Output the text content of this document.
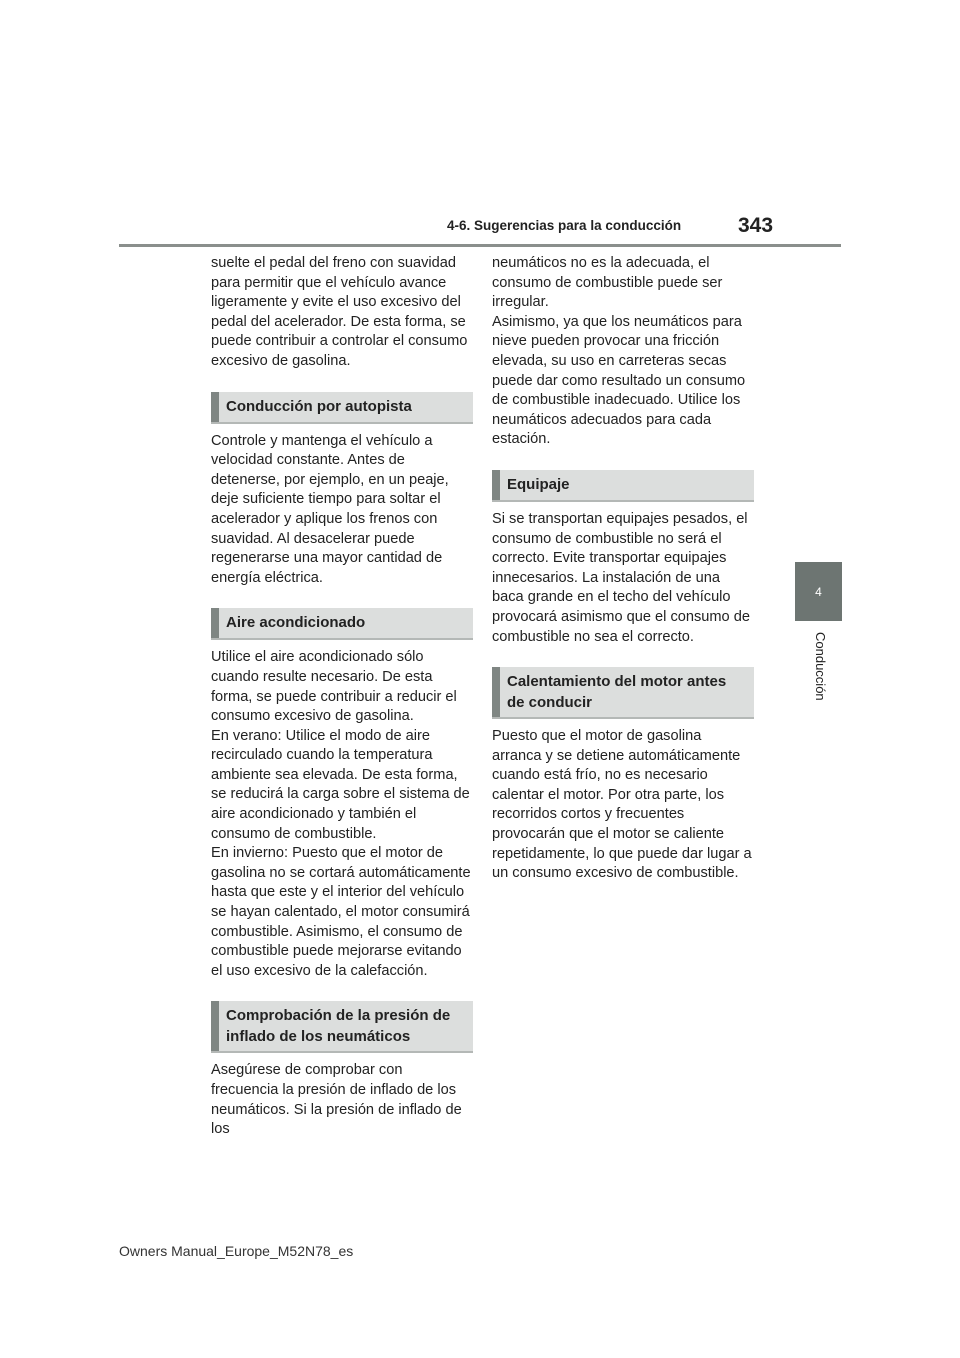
4-6. Sugerencias para la conducción	343
4
Conducción

suelte el pedal del freno con suavidad para permitir que el vehículo avance ligeramente y evite el uso excesivo del pedal del acelerador. De esta forma, se puede contribuir a controlar el consumo excesivo de gasolina.

Conducción por autopista

Controle y mantenga el vehículo a velocidad constante. Antes de detenerse, por ejemplo, en un peaje, deje suficiente tiempo para soltar el acelerador y aplique los frenos con suavidad. Al desacelerar puede regenerarse una mayor cantidad de energía eléctrica.

Aire acondicionado

Utilice el aire acondicionado sólo cuando resulte necesario. De esta forma, se puede contribuir a reducir el consumo excesivo de gasolina.

En verano: Utilice el modo de aire recirculado cuando la temperatura ambiente sea elevada. De esta forma, se reducirá la carga sobre el sistema de aire acondicionado y también el consumo de combustible.

En invierno: Puesto que el motor de gasolina no se cortará automáticamente hasta que este y el interior del vehículo se hayan calentado, el motor consumirá combustible. Asimismo, el consumo de combustible puede mejorarse evitando el uso excesivo de la calefacción.

Comprobación de la presión de inflado de los neumáticos

Asegúrese de comprobar con frecuencia la presión de inflado de los neumáticos. Si la presión de inflado de los

neumáticos no es la adecuada, el consumo de combustible puede ser irregular.

Asimismo, ya que los neumáticos para nieve pueden provocar una fricción elevada, su uso en carreteras secas puede dar como resultado un consumo de combustible inadecuado. Utilice los neumáticos adecuados para cada estación.

Equipaje

Si se transportan equipajes pesados, el consumo de combustible no será el correcto. Evite transportar equipajes innecesarios. La instalación de una baca grande en el techo del vehículo provocará asimismo que el consumo de combustible no sea el correcto.

Calentamiento del motor antes de conducir

Puesto que el motor de gasolina arranca y se detiene automáticamente cuando está frío, no es necesario calentar el motor. Por otra parte, los recorridos cortos y frecuentes provocarán que el motor se caliente repetidamente, lo que puede dar lugar a un consumo excesivo de combustible.

Owners Manual_Europe_M52N78_es
